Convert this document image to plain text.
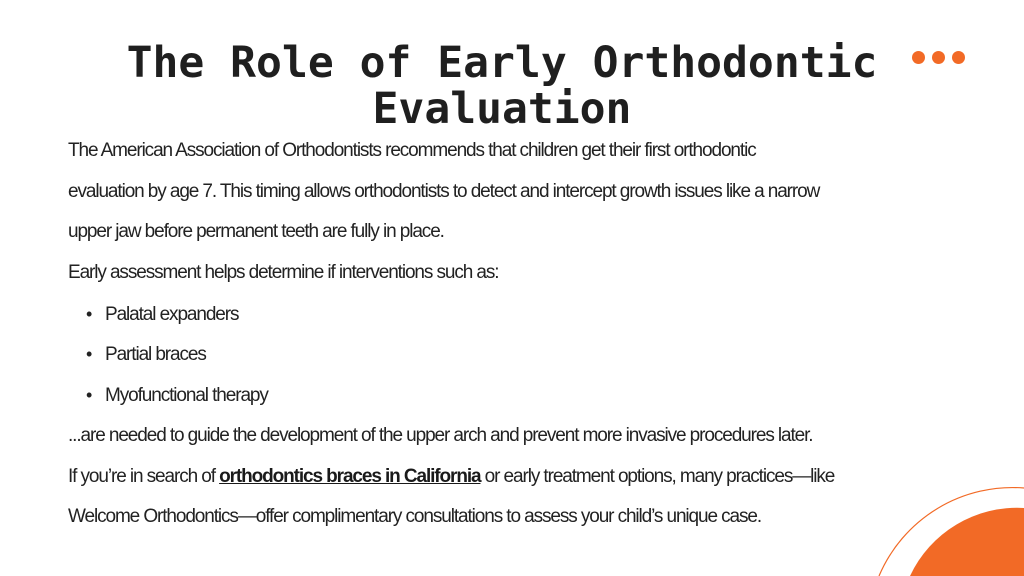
The Role of Early Orthodontic
Evaluation
The American Association of Orthodontists recommends that children get their first orthodontic
evaluation by age 7. This timing allows orthodontists to detect and intercept growth issues like a narrow
upper jaw before permanent teeth are fully in place.
Early assessment helps determine if interventions such as:
• Palatal expanders
• Partial braces
• Myofunctional therapy
...are needed to guide the development of the upper arch and prevent more invasive procedures later.
If you’re in search of orthodontics braces in California or early treatment options, many practices—like
Welcome Orthodontics—offer complimentary consultations to assess your child’s unique case.
